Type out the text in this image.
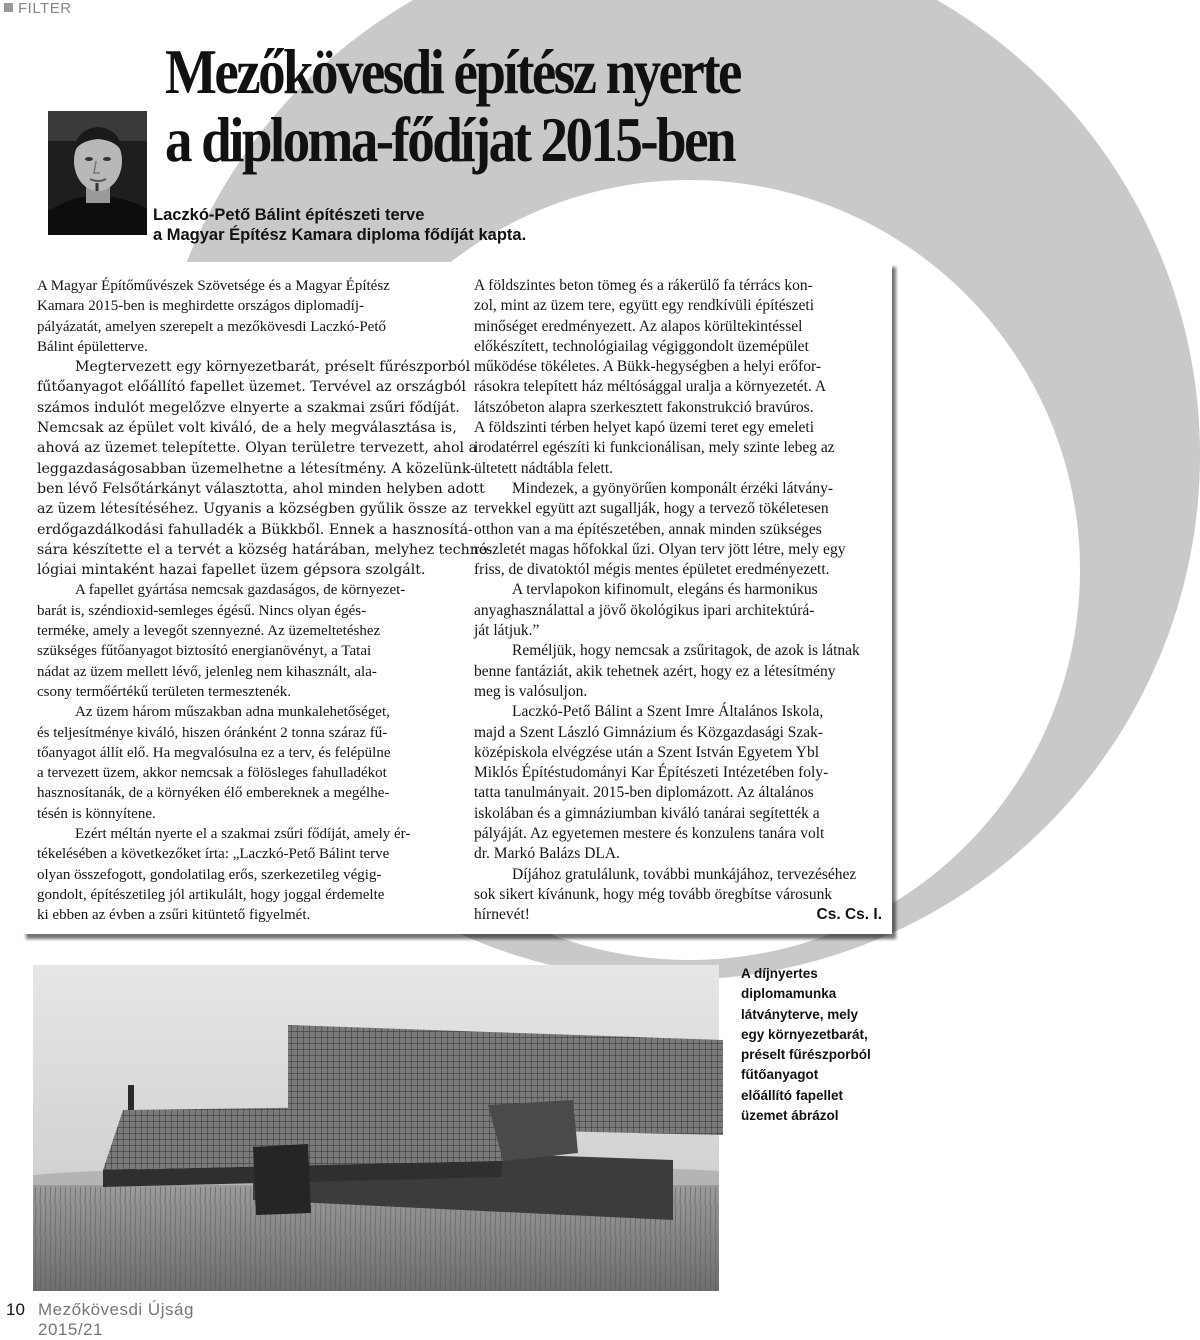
FILTER
Mezőkövesdi építész nyerte
a diploma-fődíjat 2015-ben
Laczkó-Pető Bálint építészeti terve
a Magyar Építész Kamara diploma fődíját kapta.

A Magyar Építőművészek Szövetsége és a Magyar Építész
Kamara 2015-ben is meghirdette országos diplomadíj-
pályázatát, amelyen szerepelt a mezőkövesdi Laczkó-Pető
Bálint épületterve.

Megtervezett egy környezetbarát, préselt fűrészporból
fűtőanyagot előállító fapellet üzemet. Tervével az országból
számos indulót megelőzve elnyerte a szakmai zsűri fődíját.
Nemcsak az épület volt kiváló, de a hely megválasztása is,
ahová az üzemet telepítette. Olyan területre tervezett, ahol a
leggazdaságosabban üzemelhetne a létesítmény. A közelünk-
ben lévő Felsőtárkányt választotta, ahol minden helyben adott
az üzem létesítéséhez. Ugyanis a községben gyűlik össze az
erdőgazdálkodási fahulladék a Bükkből. Ennek a hasznosítá-
sára készítette el a tervét a község határában, melyhez techno-
lógiai mintaként hazai fapellet üzem gépsora szolgált.

A fapellet gyártása nemcsak gazdaságos, de környezet-
barát is, széndioxid-semleges égésű. Nincs olyan égés-
terméke, amely a levegőt szennyezné. Az üzemeltetéshez
szükséges fűtőanyagot biztosító energianövényt, a Tatai
nádat az üzem mellett lévő, jelenleg nem kihasznált, ala-
csony termőértékű területen termesztenék.

Az üzem három műszakban adna munkalehetőséget,
és teljesítménye kiváló, hiszen óránként 2 tonna száraz fű-
tőanyagot állít elő. Ha megvalósulna ez a terv, és felépülne
a tervezett üzem, akkor nemcsak a fölösleges fahulladékot
hasznosítanák, de a környéken élő embereknek a megélhe-
tésén is könnyítene.

Ezért méltán nyerte el a szakmai zsűri fődíját, amely ér-
tékelésében a következőket írta: „Laczkó-Pető Bálint terve
olyan összefogott, gondolatilag erős, szerkezetileg végig-
gondolt, építészetileg jól artikulált, hogy joggal érdemelte
ki ebben az évben a zsűri kitüntető figyelmét.

A földszintes beton tömeg és a rákerülő fa térrács kon-
zol, mint az üzem tere, együtt egy rendkívüli építészeti
minőséget eredményezett. Az alapos körültekintéssel
előkészített, technológiailag végiggondolt üzemépület
működése tökéletes. A Bükk-hegységben a helyi erőfor-
rásokra telepített ház méltósággal uralja a környezetét. A
látszóbeton alapra szerkesztett fakonstrukció bravúros.
A földszinti térben helyet kapó üzemi teret egy emeleti
irodatérrel egészíti ki funkcionálisan, mely szinte lebeg az
ültetett nádtábla felett.

Mindezek, a gyönyörűen komponált érzéki látvány-
tervekkel együtt azt sugallják, hogy a tervező tökéletesen
otthon van a ma építészetében, annak minden szükséges
részletét magas hőfokkal űzi. Olyan terv jött létre, mely egy
friss, de divatoktól mégis mentes épületet eredményezett.

A tervlapokon kifinomult, elegáns és harmonikus
anyaghasználattal a jövő ökológikus ipari architektúrá-
ját látjuk.”

Reméljük, hogy nemcsak a zsűritagok, de azok is látnak
benne fantáziát, akik tehetnek azért, hogy ez a létesítmény
meg is valósuljon.

Laczkó-Pető Bálint a Szent Imre Általános Iskola,
majd a Szent László Gimnázium és Közgazdasági Szak-
középiskola elvégzése után a Szent István Egyetem Ybl
Miklós Építéstudományi Kar Építészeti Intézetében foly-
tatta tanulmányait. 2015-ben diplomázott. Az általános
iskolában és a gimnáziumban kiváló tanárai segítették a
pályáját. Az egyetemen mestere és konzulens tanára volt
dr. Markó Balázs DLA.

Díjához gratulálunk, további munkájához, tervezéséhez
sok sikert kívánunk, hogy még tovább öregbítse városunk

hírnevét!	Cs. Cs. I.

A díjnyertes
diplomamunka
látványterve, mely
egy környezetbarát,
préselt fűrészporból
fűtőanyagot
előállító fapellet
üzemet ábrázol
10 Mezőkövesdi Újság 2015/21
